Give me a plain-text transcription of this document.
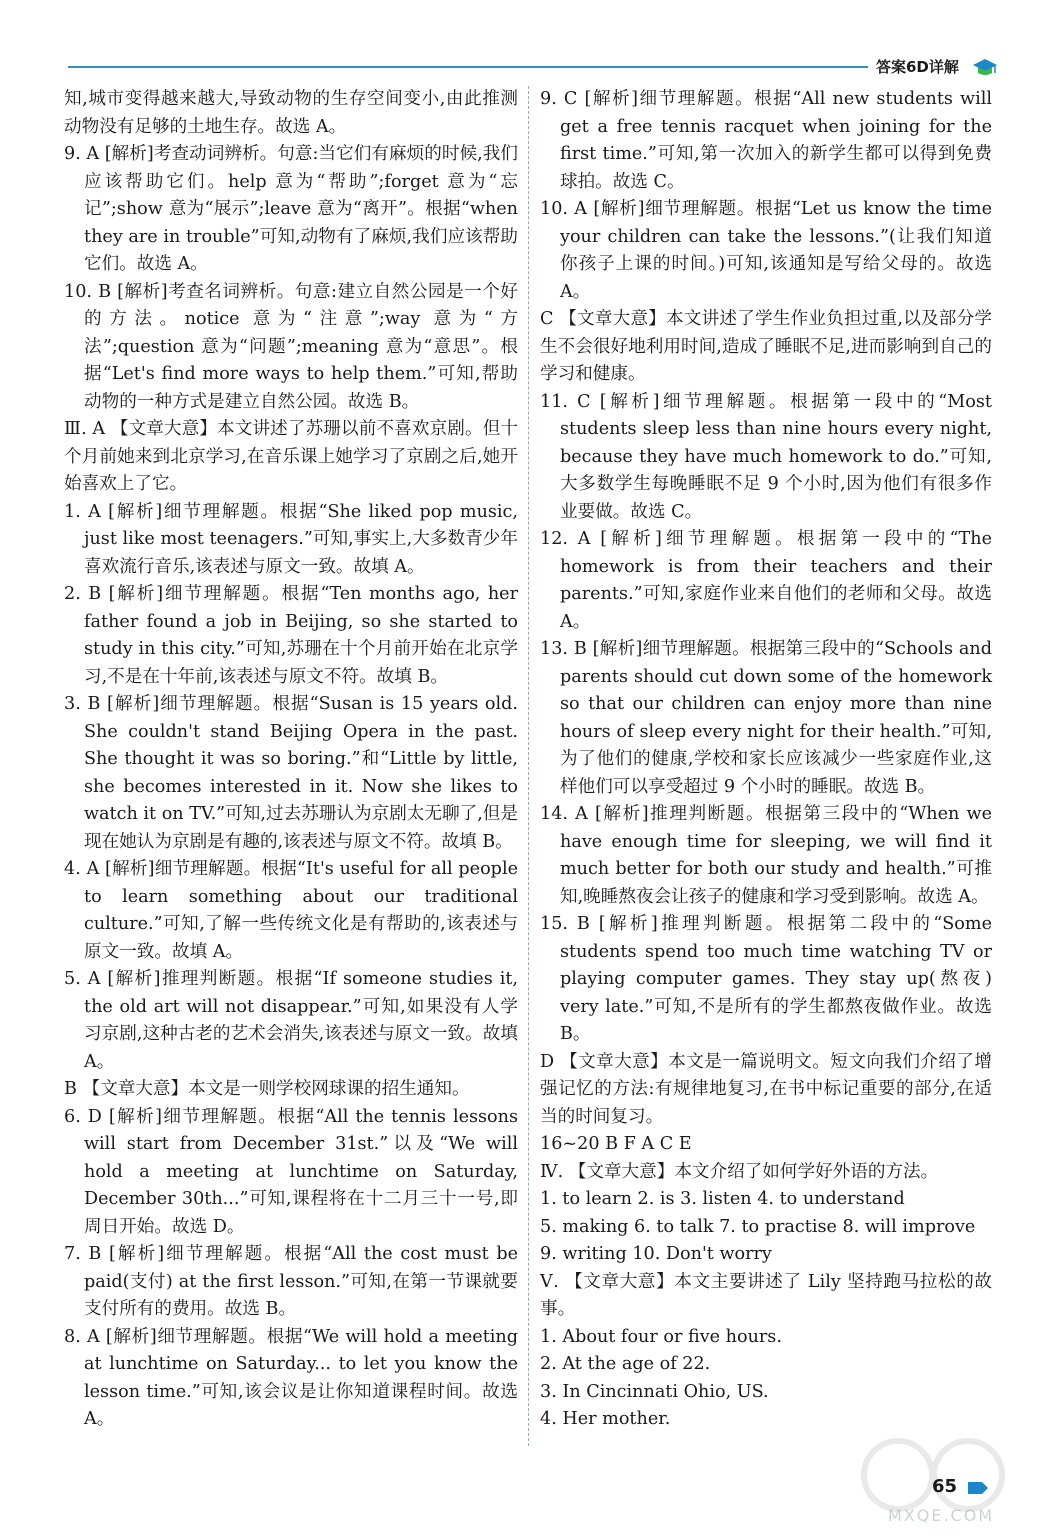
答案6D详解

知,城市变得越来越大,导致动物的生存空间变小,由此推测动物没有足够的土地生存。故选 A。

9. A [解析]考查动词辨析。句意:当它们有麻烦的时候,我们应该帮助它们。help 意为“帮助”;forget 意为“忘记”;show 意为“展示”;leave 意为“离开”。根据“when they are in trouble”可知,动物有了麻烦,我们应该帮助它们。故选 A。

10. B [解析]考查名词辨析。句意:建立自然公园是一个好的方法。notice 意为“注意”;way 意为“方法”;question 意为“问题”;meaning 意为“意思”。根据“Let's find more ways to help them.”可知,帮助动物的一种方式是建立自然公园。故选 B。

Ⅲ. A 【文章大意】本文讲述了苏珊以前不喜欢京剧。但十个月前她来到北京学习,在音乐课上她学习了京剧之后,她开始喜欢上了它。

1. A [解析]细节理解题。根据“She liked pop music, just like most teenagers.”可知,事实上,大多数青少年喜欢流行音乐,该表述与原文一致。故填 A。

2. B [解析]细节理解题。根据“Ten months ago, her father found a job in Beijing, so she started to study in this city.”可知,苏珊在十个月前开始在北京学习,不是在十年前,该表述与原文不符。故填 B。

3. B [解析]细节理解题。根据“Susan is 15 years old. She couldn't stand Beijing Opera in the past. She thought it was so boring.”和“Little by little, she becomes interested in it. Now she likes to watch it on TV.”可知,过去苏珊认为京剧太无聊了,但是现在她认为京剧是有趣的,该表述与原文不符。故填 B。

4. A [解析]细节理解题。根据“It's useful for all people to learn something about our traditional culture.”可知,了解一些传统文化是有帮助的,该表述与原文一致。故填 A。

5. A [解析]推理判断题。根据“If someone studies it, the old art will not disappear.”可知,如果没有人学习京剧,这种古老的艺术会消失,该表述与原文一致。故填 A。

B 【文章大意】本文是一则学校网球课的招生通知。

6. D [解析]细节理解题。根据“All the tennis lessons will start from December 31st.”以及“We will hold a meeting at lunchtime on Saturday, December 30th...”可知,课程将在十二月三十一号,即周日开始。故选 D。

7. B [解析]细节理解题。根据“All the cost must be paid(支付) at the first lesson.”可知,在第一节课就要支付所有的费用。故选 B。

8. A [解析]细节理解题。根据“We will hold a meeting at lunchtime on Saturday... to let you know the lesson time.”可知,该会议是让你知道课程时间。故选 A。

9. C [解析]细节理解题。根据“All new students will get a free tennis racquet when joining for the first time.”可知,第一次加入的新学生都可以得到免费球拍。故选 C。

10. A [解析]细节理解题。根据“Let us know the time your children can take the lessons.”(让我们知道你孩子上课的时间。)可知,该通知是写给父母的。故选 A。

C 【文章大意】本文讲述了学生作业负担过重,以及部分学生不会很好地利用时间,造成了睡眠不足,进而影响到自己的学习和健康。

11. C [解析]细节理解题。根据第一段中的“Most students sleep less than nine hours every night, because they have much homework to do.”可知,大多数学生每晚睡眠不足 9 个小时,因为他们有很多作业要做。故选 C。

12. A [解析]细节理解题。根据第一段中的“The homework is from their teachers and their parents.”可知,家庭作业来自他们的老师和父母。故选 A。

13. B [解析]细节理解题。根据第三段中的“Schools and parents should cut down some of the homework so that our children can enjoy more than nine hours of sleep every night for their health.”可知,为了他们的健康,学校和家长应该减少一些家庭作业,这样他们可以享受超过 9 个小时的睡眠。故选 B。

14. A [解析]推理判断题。根据第三段中的“When we have enough time for sleeping, we will find it much better for both our study and health.”可推知,晚睡熬夜会让孩子的健康和学习受到影响。故选 A。

15. B [解析]推理判断题。根据第二段中的“Some students spend too much time watching TV or playing computer games. They stay up(熬夜) very late.”可知,不是所有的学生都熬夜做作业。故选 B。

D 【文章大意】本文是一篇说明文。短文向我们介绍了增强记忆的方法:有规律地复习,在书中标记重要的部分,在适当的时间复习。

16~20 B F A C E

Ⅳ. 【文章大意】本文介绍了如何学好外语的方法。

1. to learn 2. is 3. listen 4. to understand

5. making 6. to talk 7. to practise 8. will improve

9. writing 10. Don't worry

Ⅴ. 【文章大意】本文主要讲述了 Lily 坚持跑马拉松的故事。

1. About four or five hours.

2. At the age of 22.

3. In Cincinnati Ohio, US.

4. Her mother.

MXQE.COM
65
